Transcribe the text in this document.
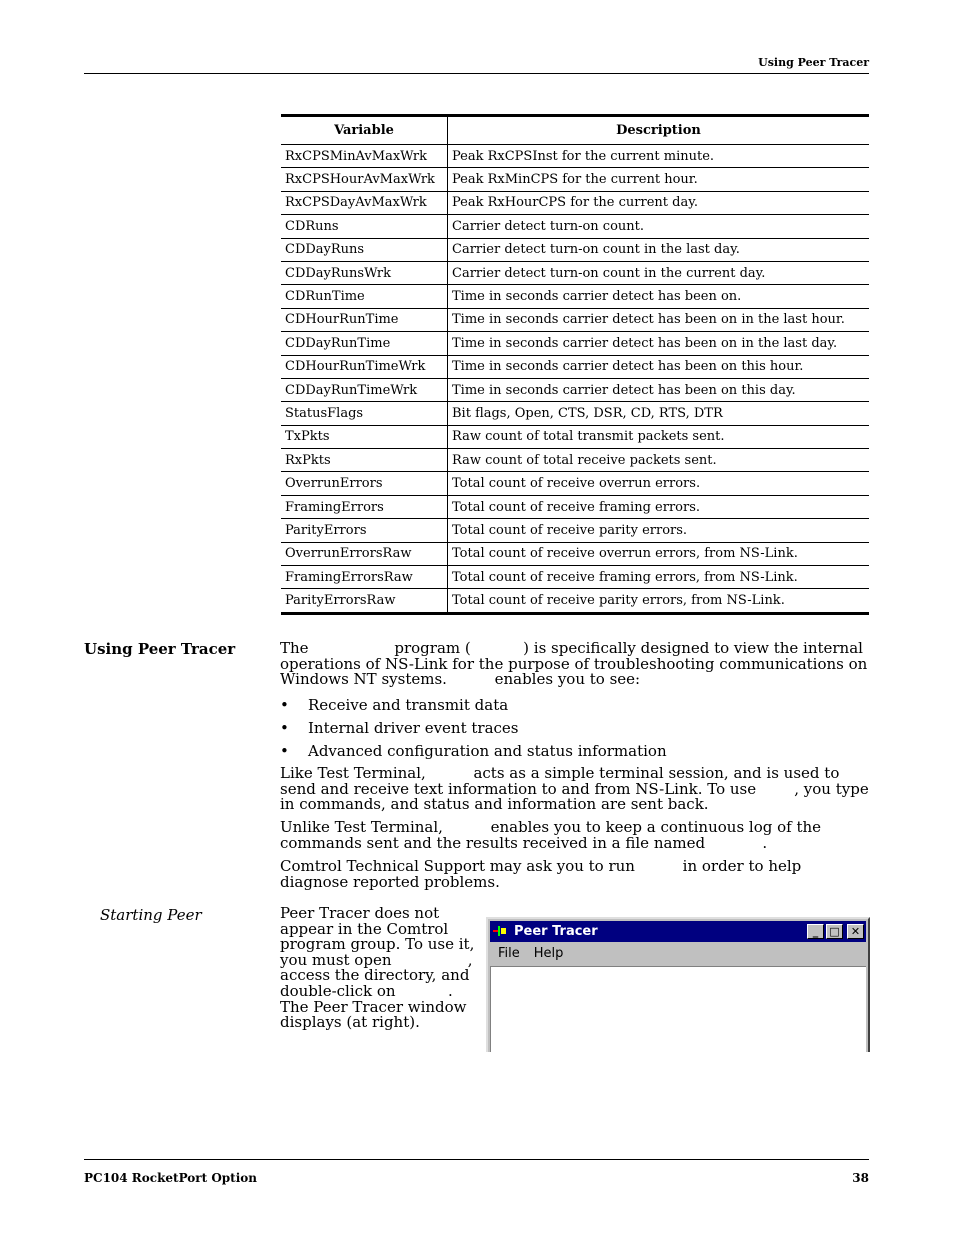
Using Peer Tracer
Variable	Description
RxCPSMinAvMaxWrk	Peak RxCPSInst for the current minute.
RxCPSHourAvMaxWrk	Peak RxMinCPS for the current hour.
RxCPSDayAvMaxWrk	Peak RxHourCPS for the current day.
CDRuns	Carrier detect turn-on count.
CDDayRuns	Carrier detect turn-on count in the last day.
CDDayRunsWrk	Carrier detect turn-on count in the current day.
CDRunTime	Time in seconds carrier detect has been on.
CDHourRunTime	Time in seconds carrier detect has been on in the last hour.
CDDayRunTime	Time in seconds carrier detect has been on in the last day.
CDHourRunTimeWrk	Time in seconds carrier detect has been on this hour.
CDDayRunTimeWrk	Time in seconds carrier detect has been on this day.
StatusFlags	Bit flags, Open, CTS, DSR, CD, RTS, DTR
TxPkts	Raw count of total transmit packets sent.
RxPkts	Raw count of total receive packets sent.
OverrunErrors	Total count of receive overrun errors.
FramingErrors	Total count of receive framing errors.
ParityErrors	Total count of receive parity errors.
OverrunErrorsRaw	Total count of receive overrun errors, from NS-Link.
FramingErrorsRaw	Total count of receive framing errors, from NS-Link.
ParityErrorsRaw	Total count of receive parity errors, from NS-Link.
Using Peer Tracer	The                  program (           ) is specifically designed to view the internal operations of NS-Link for the purpose of troubleshooting communications on Windows NT systems.          enables you to see:
• Receive and transmit data
• Internal driver event traces
• Advanced configuration and status information
Like Test Terminal,          acts as a simple terminal session, and is used to send and receive text information to and from NS-Link. To use        , you type in commands, and status and information are sent back.
Unlike Test Terminal,          enables you to keep a continuous log of the commands sent and the results received in a file named            .
Comtrol Technical Support may ask you to run          in order to help diagnose reported problems.
Starting Peer	Peer Tracer does not appear in the Comtrol program group. To use it, you must open                , access the directory, and double-click on           . The Peer Tracer window displays (at right).
Peer Tracer	_	□	✕
File Help
PC104 RocketPort Option	38
